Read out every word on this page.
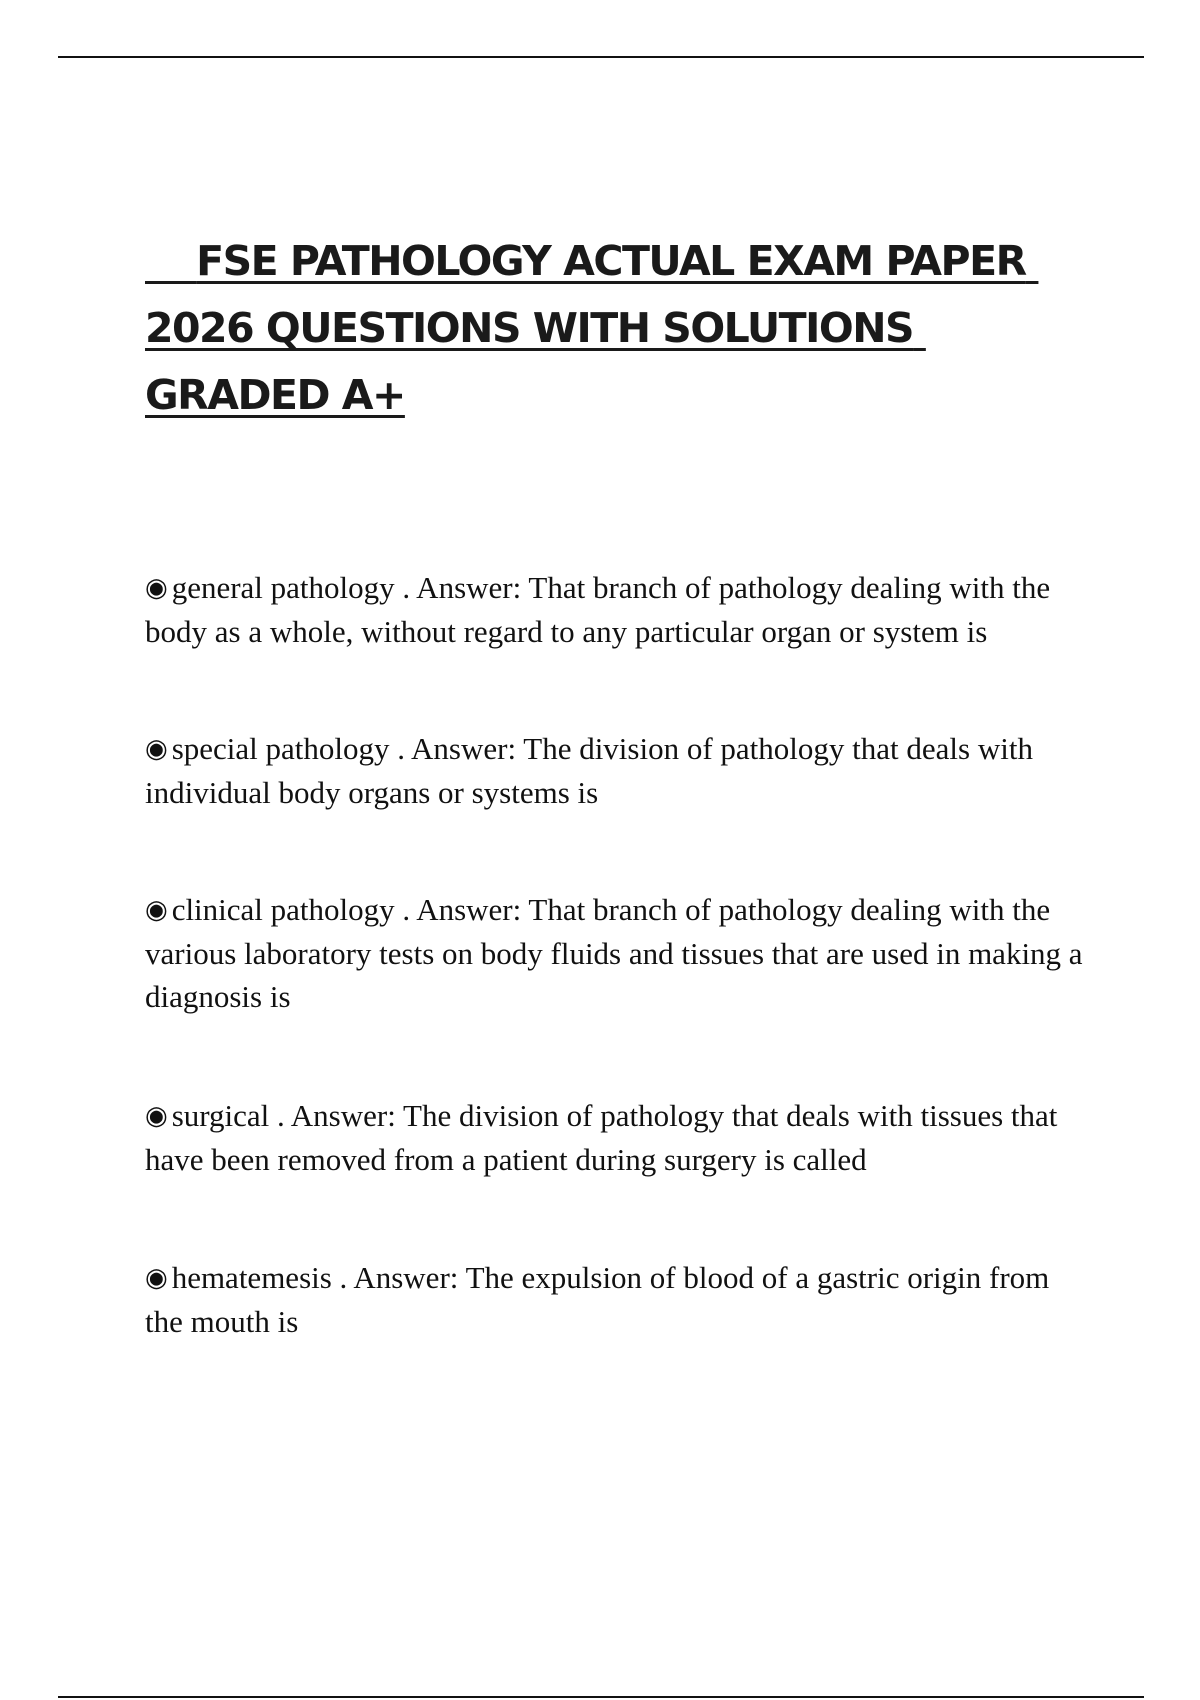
FSE PATHOLOGY ACTUAL EXAM PAPER 2026 QUESTIONS WITH SOLUTIONS GRADED A+
◉ general pathology . Answer: That branch of pathology dealing with the body as a whole, without regard to any particular organ or system is
◉ special pathology . Answer: The division of pathology that deals with individual body organs or systems is
◉ clinical pathology . Answer: That branch of pathology dealing with the various laboratory tests on body fluids and tissues that are used in making a diagnosis is
◉ surgical . Answer: The division of pathology that deals with tissues that have been removed from a patient during surgery is called
◉ hematemesis . Answer: The expulsion of blood of a gastric origin from the mouth is
